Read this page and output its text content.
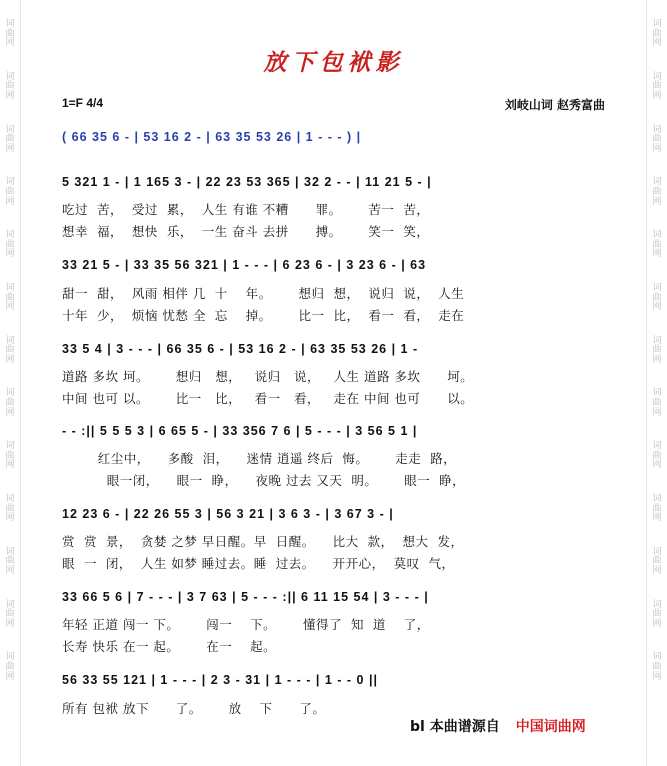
词
曲
网
词
曲
网
词
曲
网
词
曲
网
词
曲
网
词
曲
网
词
曲
网
词
曲
网
词
曲
网
词
曲
网
词
曲
网
词
曲
网
词
曲
网
词
曲
网
词
曲
网
词
曲
网
词
曲
网
词
曲
网
词
曲
网
词
曲
网
词
曲
网
词
曲
网
词
曲
网
词
曲
网
词
曲
网
词
曲
网
放下包袱影
1=F 4/4	刘岐山词 赵秀富曲
( 66 35 6 - | 53 16 2 - | 63 35 53 26 | 1 - - - ) |
5 321 1 - | 1 165 3 - | 22 23 53 365 | 32 2 - - | 11 21 5 - |
吃过  苦，  受过  累，  人生 有谁 不糟      罪。      苦一  苦，
想幸  福，  想快  乐，  一生 奋斗 去拼      搏。      笑一  笑，
33 21 5 - | 33 35 56 321 | 1 - - - | 6 23 6 - | 3 23 6 - | 63
甜一  甜，  风雨 相伴 几  十    年。      想归  想，  说归  说，  人生
十年  少，  烦恼 忧愁 全  忘    掉。      比一  比，  看一  看，  走在
33 5 4 | 3 - - - | 66 35 6 - | 53 16 2 - | 63 35 53 26 | 1 -
道路 多坎 坷。      想归   想，   说归   说，   人生 道路 多坎      坷。
中间 也可 以。      比一   比，   看一   看，   走在 中间 也可      以。
- - :|| 5 5 5 3 | 6 65 5 - | 33 356 7 6 | 5 - - - | 3 56 5 1 |
红尘中，    多酸  泪，    迷情 逍遥 终后  悔。      走走  路，
眼一闭，    眼一  睁，    夜晚 过去 又天  明。      眼一  睁，
12 23 6 - | 22 26 55 3 | 56 3 21 | 3 6 3 - | 3 67 3 - |
赏  赏  景，  贪婪 之梦 早日醒。早  日醒。    比大  款，  想大  发，
眼  一  闭，  人生 如梦 睡过去。睡  过去。    开开心，  莫叹  气，
33 66 5 6 | 7 - - - | 3 7 63 | 5 - - - :|| 6 11 15 54 | 3 - - - |
年轻 正道 闯一 下。      闯一    下。      懂得了  知  道    了，
长寿 快乐 在一 起。      在一    起。
56 33 55 121 | 1 - - - | 2 3 - 31 | 1 - - - | 1 - - 0 ||
所有 包袱 放下      了。      放    下      了。
bl 本曲谱源自 中国词曲网
